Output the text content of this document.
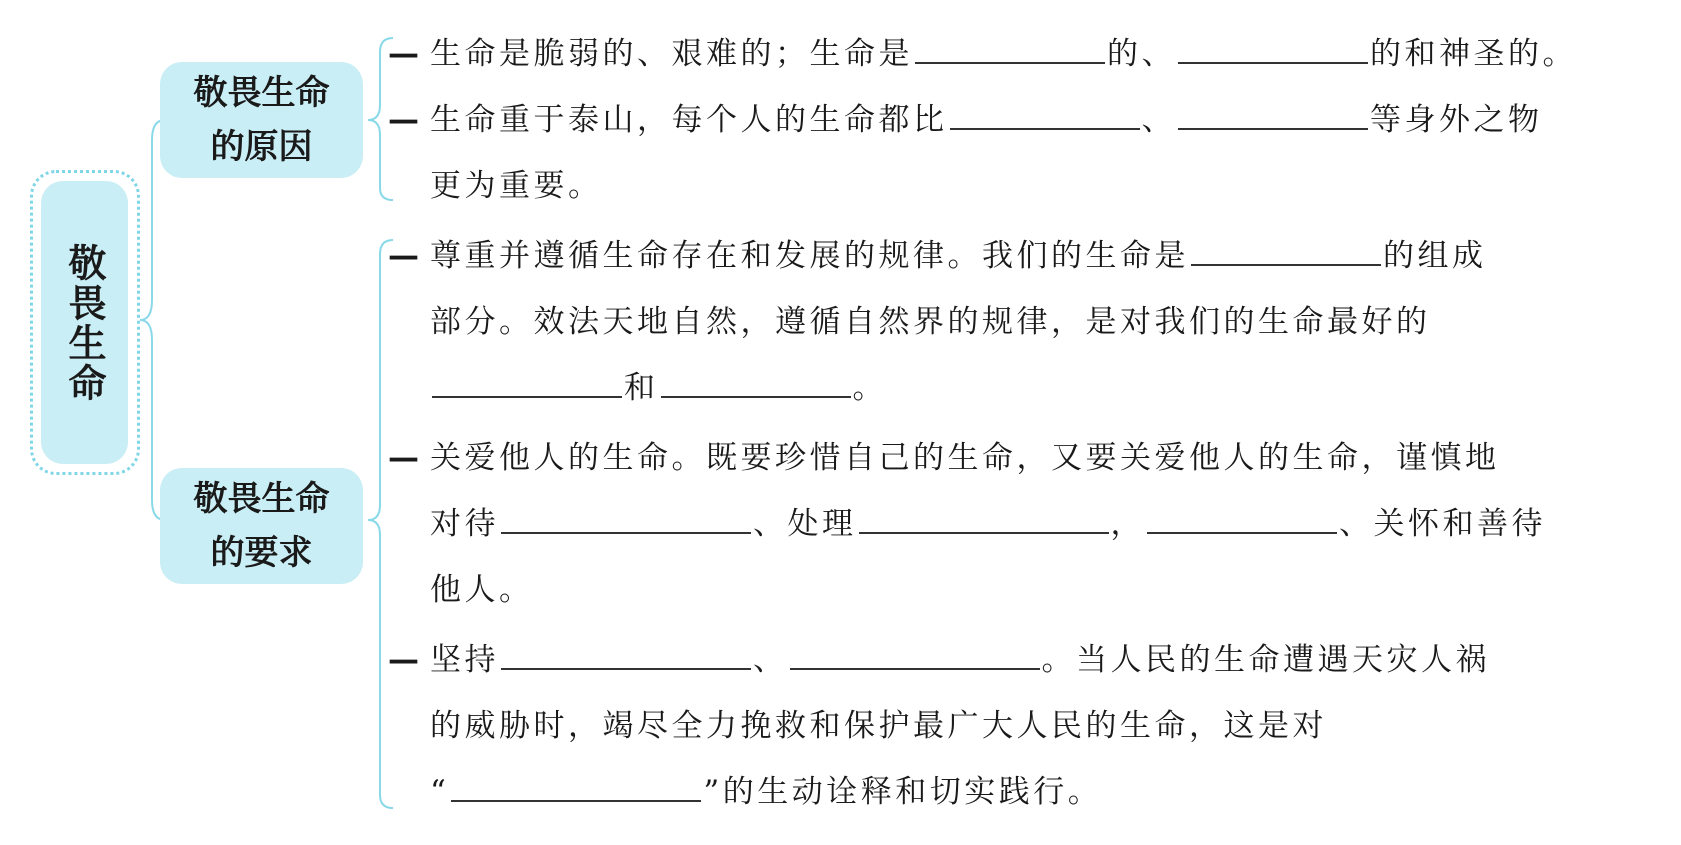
敬畏生命
敬畏生命
的原因
敬畏生命
的要求
— 生命是脆弱的、艰难的；生命是	的、	的和神圣的。
— 生命重于泰山，每个人的生命都比	、	等身外之物
更为重要。
— 尊重并遵循生命存在和发展的规律。我们的生命是	的组成
部分。效法天地自然，遵循自然界的规律，是对我们的生命最好的
和	。
— 关爱他人的生命。既要珍惜自己的生命，又要关爱他人的生命，谨慎地
对待	、处理	，	、关怀和善待
他人。
— 坚持	、	。当人民的生命遭遇天灾人祸
的威胁时，竭尽全力挽救和保护最广大人民的生命，这是对
“	”的生动诠释和切实践行。
